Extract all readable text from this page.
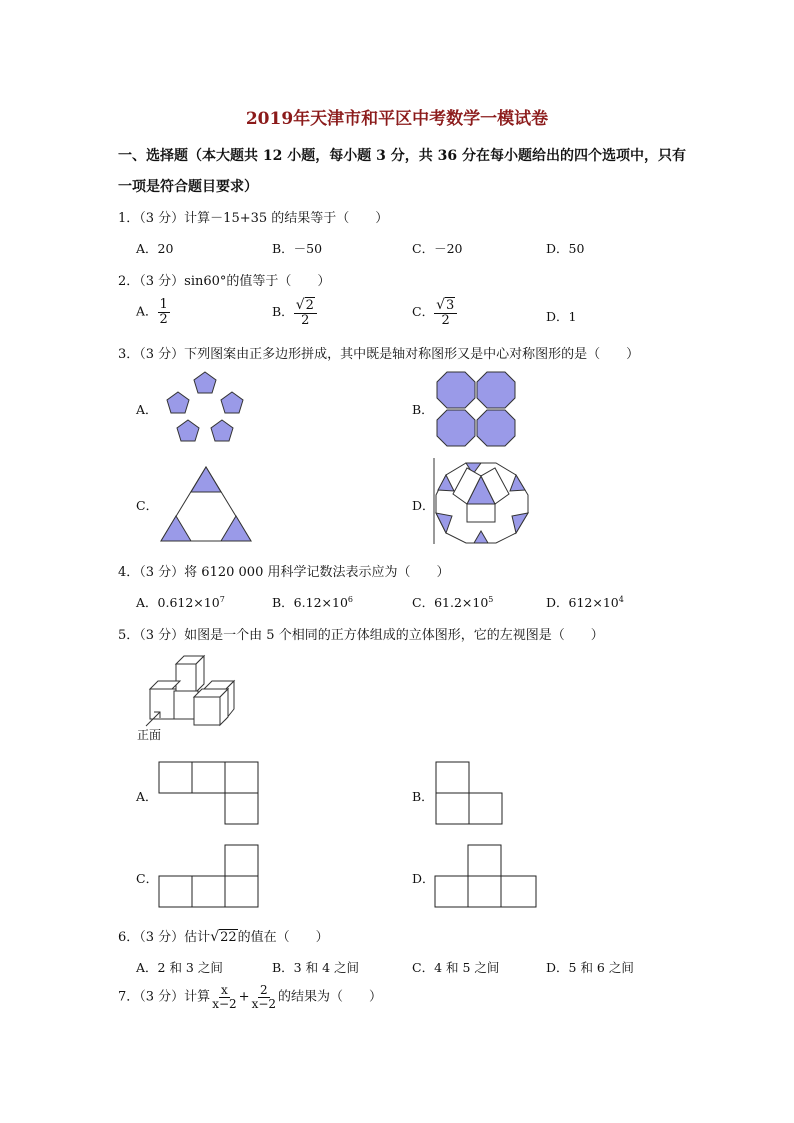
2019年天津市和平区中考数学一模试卷
一、选择题（本大题共 12 小题，每小题 3 分，共 36 分在每小题给出的四个选项中，只有
一项是符合题目要求）
1．（3 分）计算－15+35 的结果等于（　　）
A．20	B．－50	C．－20	D．50
2．（3 分）sin60°的值等于（　　）
A． $\frac{1}{2}$	B． $\frac{√2}{2}$	C． $\frac{√3}{2}$	D．1
3．（3 分）下列图案由正多边形拼成，其中既是轴对称图形又是中心对称图形的是（　　）
A．	B．
C．	D．
4．（3 分）将 6120 000 用科学记数法表示应为（　　）
A．$0.612\times 10^7$	B．$6.12\times 10^6$	C．$61.2\times 10^5$	D．$612\times 10^4$
5．（3 分）如图是一个由 5 个相同的正方体组成的立体图形，它的左视图是（　　）
正面
A．	B．
C．	D．
6．（3 分）估计√22的值在（　　）
A．2 和 3 之间	B．3 和 4 之间	C．4 和 5 之间	D．5 和 6 之间
7．（3 分）计算 $\frac{x}{x-2} + \frac{2}{x-2}$ 的结果为（　　）
